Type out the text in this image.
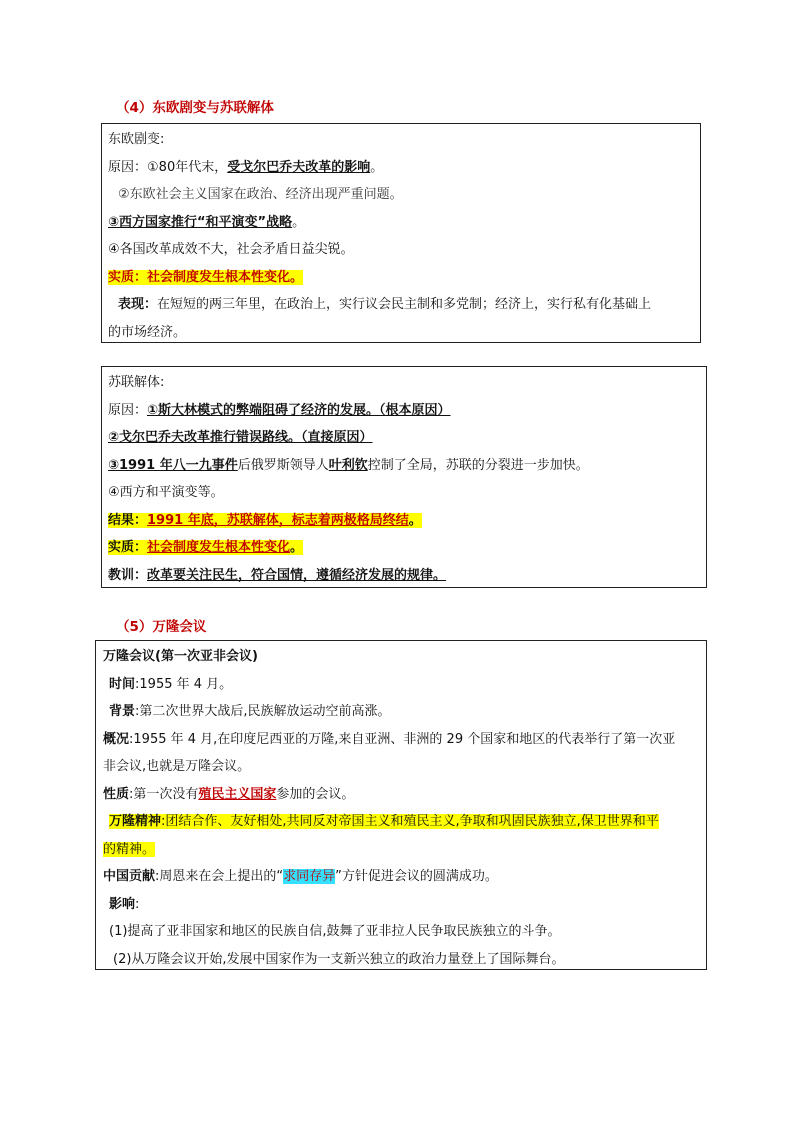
（4）东欧剧变与苏联解体
东欧剧变:
原因：①80年代末，受戈尔巴乔夫改革的影响。
②东欧社会主义国家在政治、经济出现严重问题。
③西方国家推行“和平演变”战略。
④各国改革成效不大，社会矛盾日益尖锐。
实质：社会制度发生根本性变化。
表现：在短短的两三年里，在政治上，实行议会民主制和多党制；经济上，实行私有化基础上
的市场经济。
苏联解体:
原因：①斯大林模式的弊端阻碍了经济的发展。（根本原因）
②戈尔巴乔夫改革推行错误路线。（直接原因）
③1991 年八一九事件后俄罗斯领导人叶利钦控制了全局，苏联的分裂进一步加快。
④西方和平演变等。
结果：1991 年底，苏联解体，标志着两极格局终结。
实质：社会制度发生根本性变化。
教训：改革要关注民生，符合国情，遵循经济发展的规律。
（5）万隆会议
万隆会议(第一次亚非会议)
时间:1955 年 4 月。
背景:第二次世界大战后,民族解放运动空前高涨。
概况:1955 年 4 月,在印度尼西亚的万隆,来自亚洲、非洲的 29 个国家和地区的代表举行了第一次亚
非会议,也就是万隆会议。
性质:第一次没有殖民主义国家参加的会议。
万隆精神:团结合作、友好相处,共同反对帝国主义和殖民主义,争取和巩固民族独立,保卫世界和平
的精神。
中国贡献:周恩来在会上提出的“求同存异”方针促进会议的圆满成功。
影响:
(1)提高了亚非国家和地区的民族自信,鼓舞了亚非拉人民争取民族独立的斗争。
(2)从万隆会议开始,发展中国家作为一支新兴独立的政治力量登上了国际舞台。
